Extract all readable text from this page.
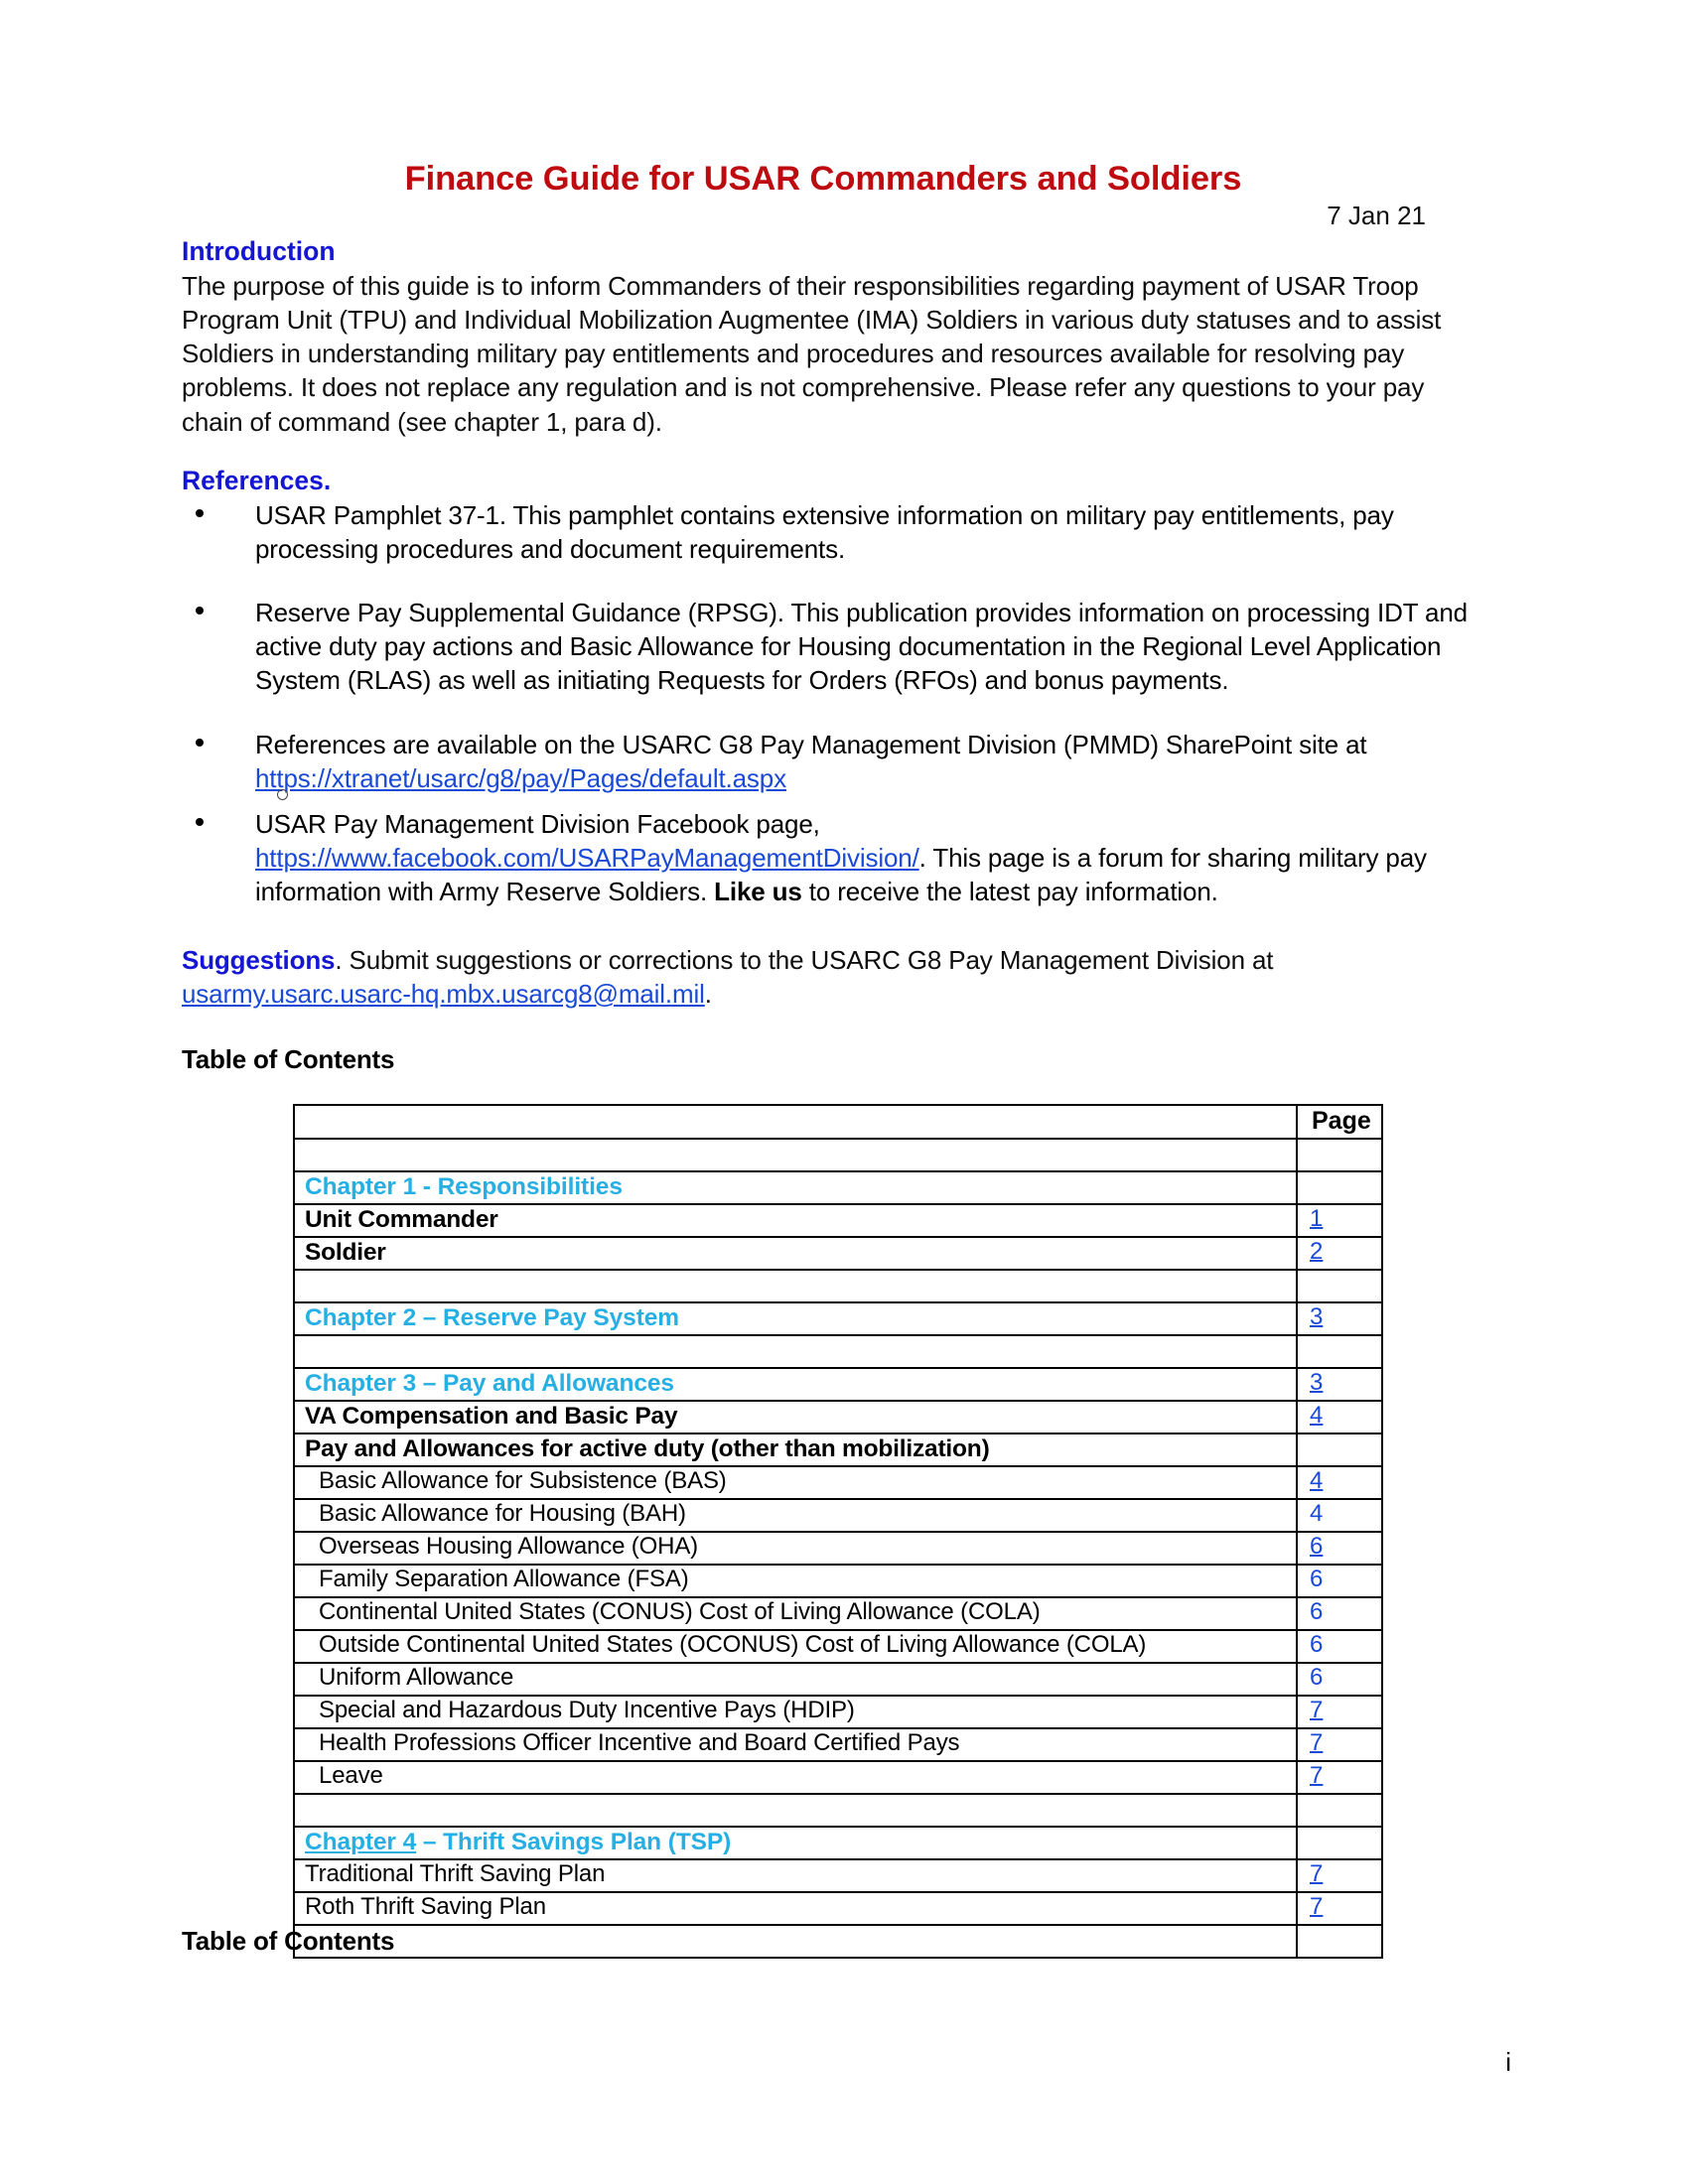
Finance Guide for USAR Commanders and Soldiers
7 Jan 21
Introduction

The purpose of this guide is to inform Commanders of their responsibilities regarding payment of USAR Troop Program Unit (TPU) and Individual Mobilization Augmentee (IMA) Soldiers in various duty statuses and to assist Soldiers in understanding military pay entitlements and procedures and resources available for resolving pay problems. It does not replace any regulation and is not comprehensive. Please refer any questions to your pay chain of command (see chapter 1, para d).

References.
USAR Pamphlet 37-1. This pamphlet contains extensive information on military pay entitlements, pay processing procedures and document requirements.
Reserve Pay Supplemental Guidance (RPSG). This publication provides information on processing IDT and active duty pay actions and Basic Allowance for Housing documentation in the Regional Level Application System (RLAS) as well as initiating Requests for Orders (RFOs) and bonus payments.
References are available on the USARC G8 Pay Management Division (PMMD) SharePoint site at
https://xtranet/usarc/g8/pay/Pages/default.aspx
USAR Pay Management Division Facebook page,
https://www.facebook.com/USARPayManagementDivision/. This page is a forum for sharing military pay information with Army Reserve Soldiers. Like us to receive the latest pay information.

Suggestions. Submit suggestions or corrections to the USARC G8 Pay Management Division at
usarmy.usarc.usarc-hq.mbx.usarcg8@mail.mil.

Table of Contents
	Page

Chapter 1 - Responsibilities	
Unit Commander	1
Soldier	2

Chapter 2 – Reserve Pay System	3

Chapter 3 – Pay and Allowances	3
VA Compensation and Basic Pay	4
Pay and Allowances for active duty (other than mobilization)	
Basic Allowance for Subsistence (BAS)	4
Basic Allowance for Housing (BAH)	4
Overseas Housing Allowance (OHA)	6
Family Separation Allowance (FSA)	6
Continental United States (CONUS) Cost of Living Allowance (COLA)	6
Outside Continental United States (OCONUS) Cost of Living Allowance (COLA)	6
Uniform Allowance	6
Special and Hazardous Duty Incentive Pays (HDIP)	7
Health Professions Officer Incentive and Board Certified Pays	7
Leave	7

Chapter 4 – Thrift Savings Plan (TSP)	
Traditional Thrift Saving Plan	7
Roth Thrift Saving Plan	7

Table of Contents
i
